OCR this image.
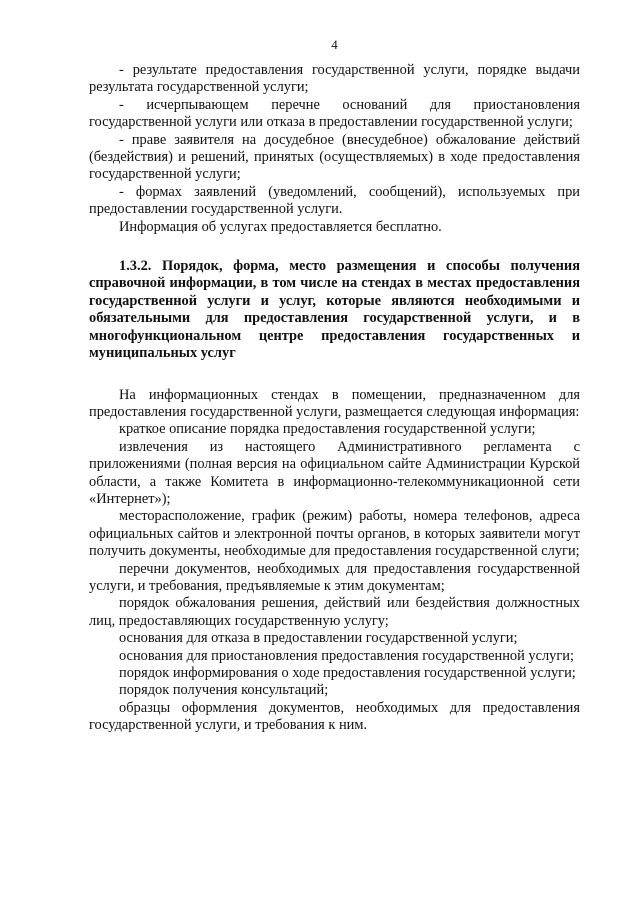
4

- результате предоставления государственной услуги, порядке выдачи результата государственной услуги;

- исчерпывающем перечне оснований для приостановления государственной услуги или отказа в предоставлении государственной услуги;

- праве заявителя на досудебное (внесудебное) обжалование действий (бездействия) и решений, принятых (осуществляемых) в ходе предоставления государственной услуги;

- формах заявлений (уведомлений, сообщений), используемых при предоставлении государственной услуги.

Информация об услугах предоставляется бесплатно.

1.3.2. Порядок, форма, место размещения и способы получения справочной информации, в том числе на стендах в местах предоставления государственной услуги и услуг, которые являются необходимыми и обязательными для предоставления государственной услуги, и в многофункциональном центре предоставления государственных и муниципальных услуг

На информационных стендах в помещении, предназначенном для предоставления государственной услуги, размещается следующая информация:

краткое описание порядка предоставления государственной услуги;

извлечения из настоящего Административного регламента с приложениями (полная версия на официальном сайте Администрации Курской области, а также Комитета в информационно-телекоммуникационной сети «Интернет»);

месторасположение, график (режим) работы, номера телефонов, адреса официальных сайтов и электронной почты органов, в которых заявители могут получить документы, необходимые для предоставления государственной слуги;

перечни документов, необходимых для предоставления государственной услуги, и требования, предъявляемые к этим документам;

порядок обжалования решения, действий или бездействия должностных лиц, предоставляющих государственную услугу;

основания для отказа в предоставлении государственной услуги;

основания для приостановления предоставления государственной услуги;

порядок информирования о ходе предоставления государственной услуги;

порядок получения консультаций;

образцы оформления документов, необходимых для предоставления государственной услуги, и требования к ним.
